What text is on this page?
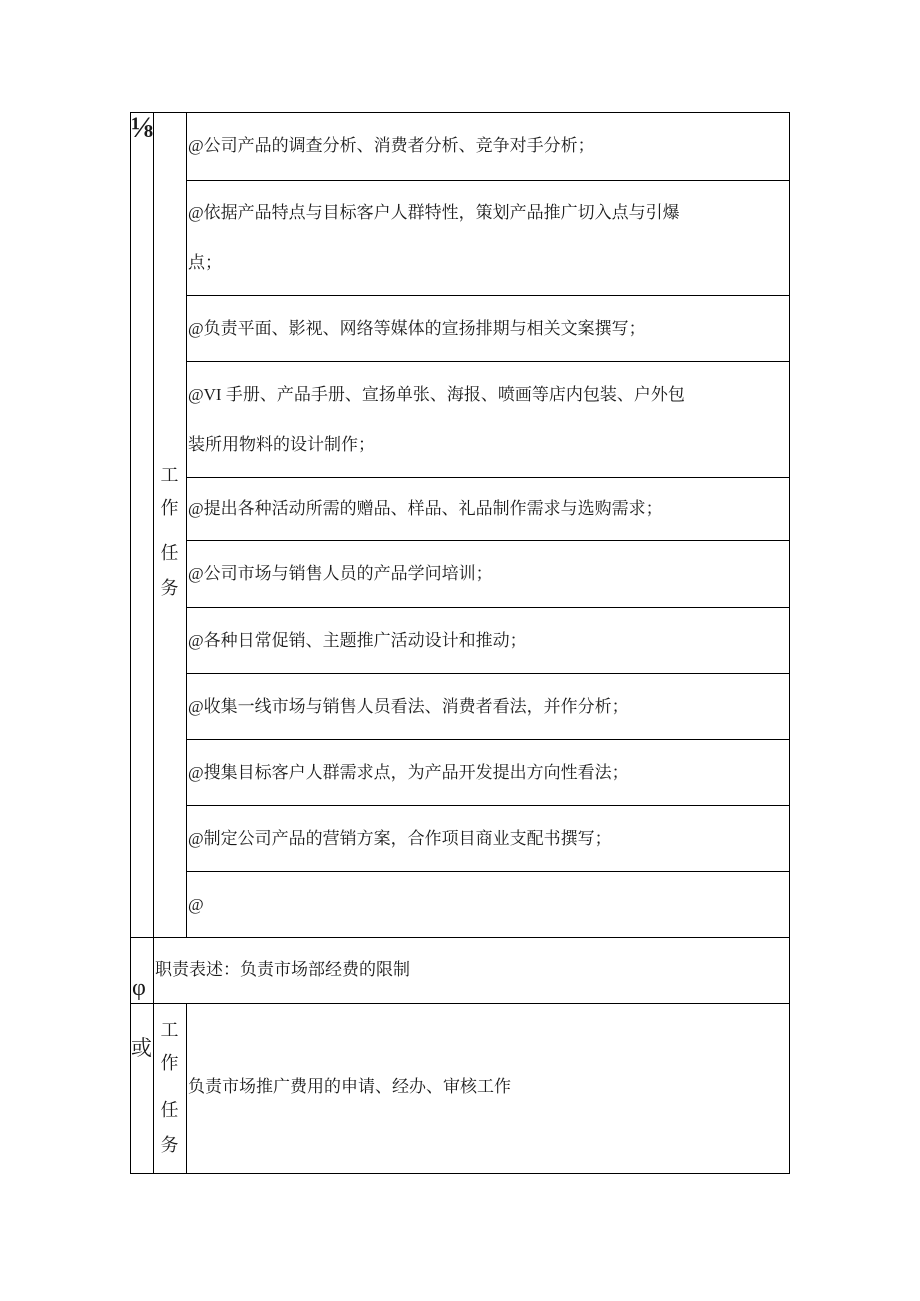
⅛
工
作
任
务
@公司产品的调查分析、消费者分析、竞争对手分析；
@依据产品特点与目标客户人群特性，策划产品推广切入点与引爆
点；
@负责平面、影视、网络等媒体的宣扬排期与相关文案撰写；
@VI 手册、产品手册、宣扬单张、海报、喷画等店内包装、户外包
装所用物料的设计制作；
@提出各种活动所需的赠品、样品、礼品制作需求与选购需求；
@公司市场与销售人员的产品学问培训；
@各种日常促销、主题推广活动设计和推动；
@收集一线市场与销售人员看法、消费者看法，并作分析；
@搜集目标客户人群需求点，为产品开发提出方向性看法；
@制定公司产品的营销方案，合作项目商业支配书撰写；
@
φ
职责表述：负责市场部经费的限制
或
工
作
任
务
负责市场推广费用的申请、经办、审核工作
